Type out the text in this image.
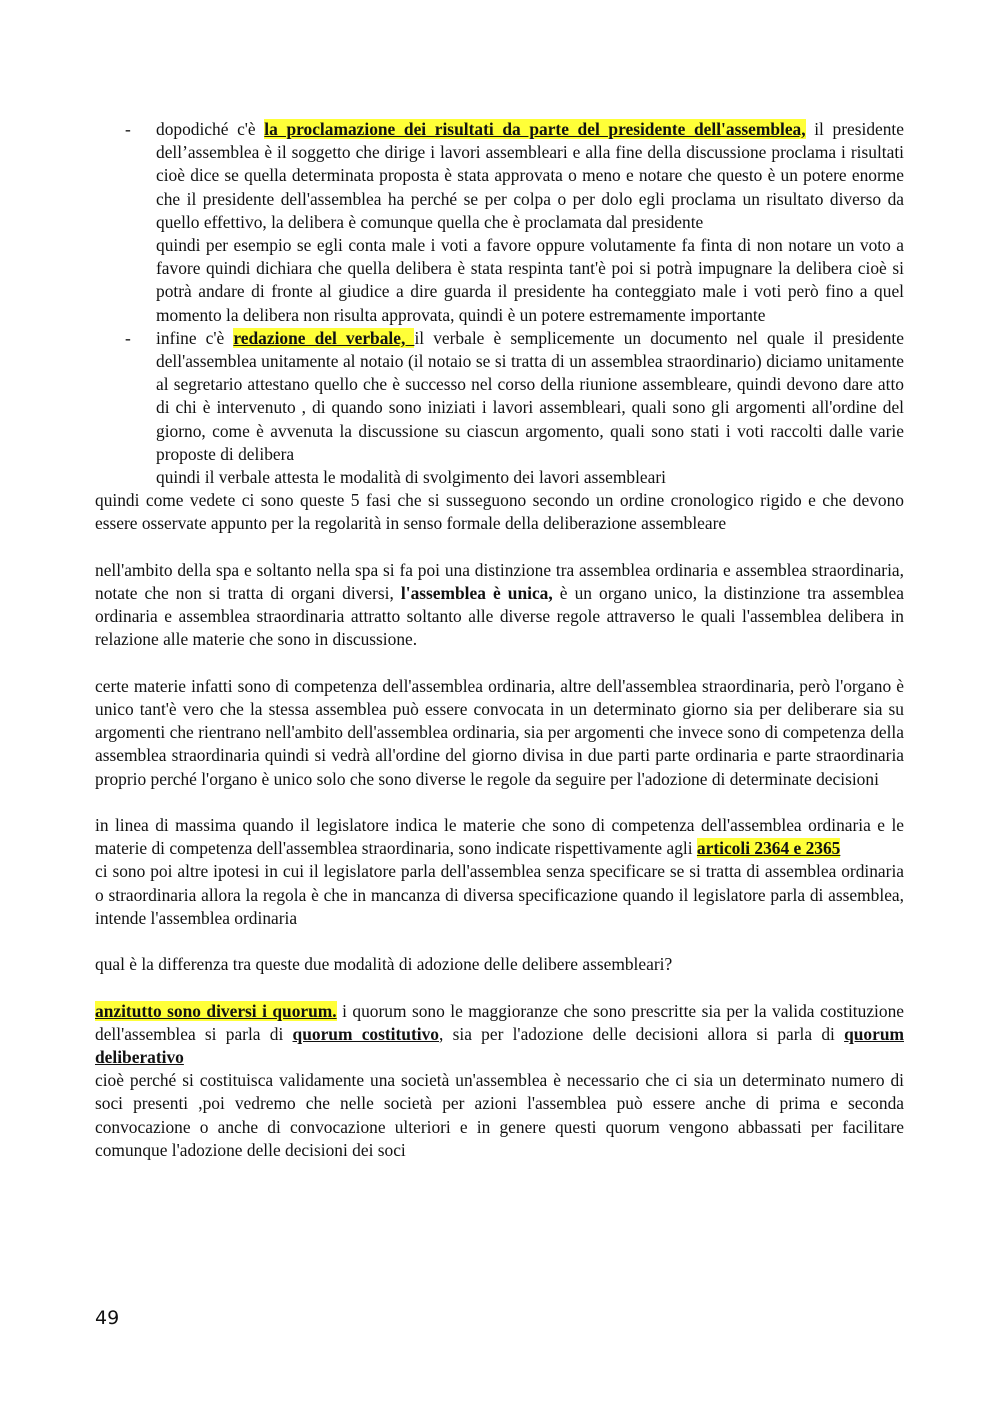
- dopodiché c'è la proclamazione dei risultati da parte del presidente dell'assemblea, il presidente dell’assemblea è il soggetto che dirige i lavori assembleari e alla fine della discussione proclama i risultati cioè dice se quella determinata proposta è stata approvata o meno e notare che questo è un potere enorme che il presidente dell'assemblea ha perché se per colpa o per dolo egli proclama un risultato diverso da quello effettivo, la delibera è comunque quella che è proclamata dal presidente

quindi per esempio se egli conta male i voti a favore oppure volutamente fa finta di non notare un voto a favore quindi dichiara che quella delibera è stata respinta tant'è poi si potrà impugnare la delibera cioè si potrà andare di fronte al giudice a dire guarda il presidente ha conteggiato male i voti però fino a quel momento la delibera non risulta approvata, quindi è un potere estremamente importante

- infine c'è redazione del verbale, il verbale è semplicemente un documento nel quale il presidente dell'assemblea unitamente al notaio (il notaio se si tratta di un assemblea straordinario) diciamo unitamente al segretario attestano quello che è successo nel corso della riunione assembleare, quindi devono dare atto di chi è intervenuto , di quando sono iniziati i lavori assembleari, quali sono gli argomenti all'ordine del giorno, come è avvenuta la discussione su ciascun argomento, quali sono stati i voti raccolti dalle varie proposte di delibera

quindi il verbale attesta le modalità di svolgimento dei lavori assembleari

quindi come vedete ci sono queste 5 fasi che si susseguono secondo un ordine cronologico rigido e che devono essere osservate appunto per la regolarità in senso formale della deliberazione assembleare

nell'ambito della spa e soltanto nella spa si fa poi una distinzione tra assemblea ordinaria e assemblea straordinaria, notate che non si tratta di organi diversi, l'assemblea è unica, è un organo unico, la distinzione tra assemblea ordinaria e assemblea straordinaria attratto soltanto alle diverse regole attraverso le quali l'assemblea delibera in relazione alle materie che sono in discussione.

certe materie infatti sono di competenza dell'assemblea ordinaria, altre dell'assemblea straordinaria, però l'organo è unico tant'è vero che la stessa assemblea può essere convocata in un determinato giorno sia per deliberare sia su argomenti che rientrano nell'ambito dell'assemblea ordinaria, sia per argomenti che invece sono di competenza della assemblea straordinaria quindi si vedrà all'ordine del giorno divisa in due parti parte ordinaria e parte straordinaria proprio perché l'organo è unico solo che sono diverse le regole da seguire per l'adozione di determinate decisioni

in linea di massima quando il legislatore indica le materie che sono di competenza dell'assemblea ordinaria e le materie di competenza dell'assemblea straordinaria, sono indicate rispettivamente agli articoli 2364 e 2365

ci sono poi altre ipotesi in cui il legislatore parla dell'assemblea senza specificare se si tratta di assemblea ordinaria o straordinaria allora la regola è che in mancanza di diversa specificazione quando il legislatore parla di assemblea, intende l'assemblea ordinaria

qual è la differenza tra queste due modalità di adozione delle delibere assembleari?

anzitutto sono diversi i quorum. i quorum sono le maggioranze che sono prescritte sia per la valida costituzione dell'assemblea si parla di quorum costitutivo, sia per l'adozione delle decisioni allora si parla di quorum deliberativo

cioè perché si costituisca validamente una società un'assemblea è necessario che ci sia un determinato numero di soci presenti ,poi vedremo che nelle società per azioni l'assemblea può essere anche di prima e seconda convocazione o anche di convocazione ulteriori e in genere questi quorum vengono abbassati per facilitare comunque l'adozione delle decisioni dei soci

49
